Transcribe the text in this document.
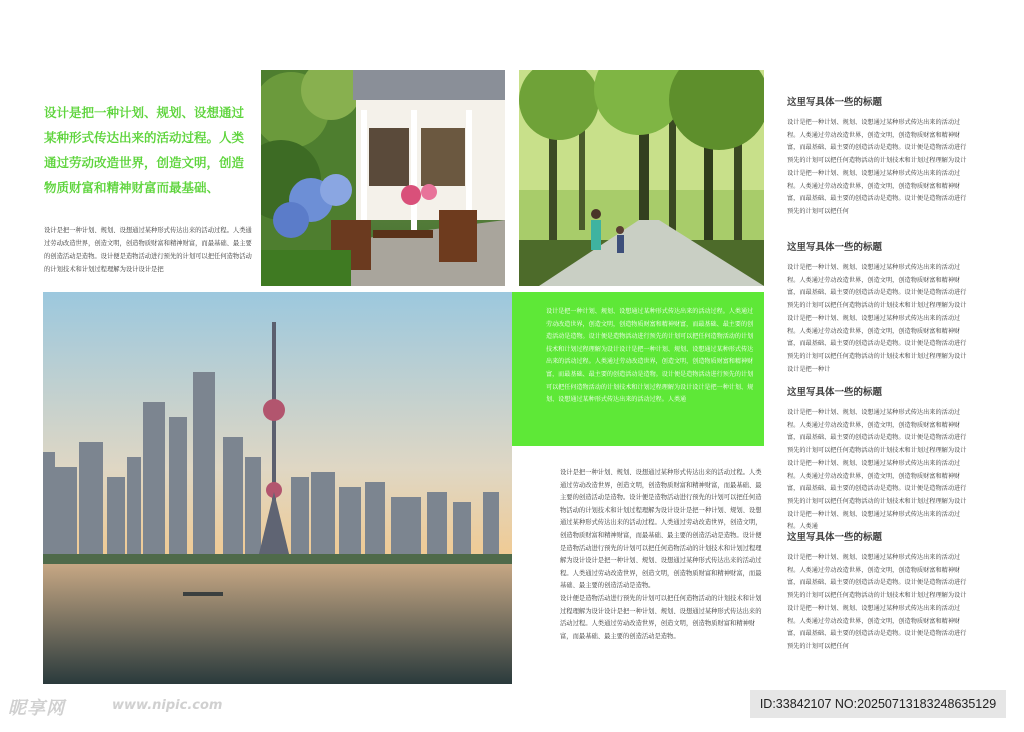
设计是把一种计划、规划、设想通过某种形式传达出来的活动过程。人类通过劳动改造世界，创造文明，创造物质财富和精神财富而最基础、
设计是把一种计划、规划、设想通过某种形式传达出来的活动过程。人类通过劳动改造世界，创造文明，创造物质财富和精神财富，而最基础、最主要的创造活动是造物。设计便是造物活动进行预先的计划可以把任何造物活动的计划技术和计划过程理解为设计设计是把
设计是把一种计划、规划、设想通过某种形式传达出来的活动过程。人类通过劳动改造世界，创造文明，创造物质财富和精神财富，而最基础、最主要的创造活动是造物。设计便是造物活动进行预先的计划可以把任何造物活动的计划技术和计划过程理解为设计设计是把一种计划、规划、设想通过某种形式传达出来的活动过程。人类通过劳动改造世界，创造文明，创造物质财富和精神财富，而最基础、最主要的创造活动是造物。设计便是造物活动进行预先的计划可以把任何造物活动的计划技术和计划过程理解为设计设计是把一种计划、规划、设想通过某种形式传达出来的活动过程。人类通

设计是把一种计划、规划、设想通过某种形式传达出来的活动过程。人类通过劳动改造世界，创造文明，创造物质财富和精神财富，而最基础、最主要的创造活动是造物。设计便是造物活动进行预先的计划可以把任何造物活动的计划技术和计划过程理解为设计设计是把一种计划、规划、设想通过某种形式传达出来的活动过程。人类通过劳动改造世界，创造文明，创造物质财富和精神财富，而最基础、最主要的创造活动是造物。设计便是造物活动进行预先的计划可以把任何造物活动的计划技术和计划过程理解为设计设计是把一种计划、规划、设想通过某种形式传达出来的活动过程。人类通过劳动改造世界，创造文明，创造物质财富和精神财富，而最基础、最主要的创造活动是造物。

设计便是造物活动进行预先的计划可以把任何造物活动的计划技术和计划过程理解为设计设计是把一种计划、规划、设想通过某种形式传达出来的活动过程。人类通过劳动改造世界，创造文明，创造物质财富和精神财富，而最基础、最主要的创造活动是造物。

这里写具体一些的标题
设计是把一种计划、规划、设想通过某种形式传达出来的活动过程。人类通过劳动改造世界，创造文明，创造物质财富和精神财富，而最基础、最主要的创造活动是造物。设计便是造物活动进行预先的计划可以把任何造物活动的计划技术和计划过程理解为设计设计是把一种计划、规划、设想通过某种形式传达出来的活动过程。人类通过劳动改造世界，创造文明，创造物质财富和精神财富，而最基础、最主要的创造活动是造物。设计便是造物活动进行预先的计划可以把任何
这里写具体一些的标题
设计是把一种计划、规划、设想通过某种形式传达出来的活动过程。人类通过劳动改造世界，创造文明，创造物质财富和精神财富，而最基础、最主要的创造活动是造物。设计便是造物活动进行预先的计划可以把任何造物活动的计划技术和计划过程理解为设计设计是把一种计划、规划、设想通过某种形式传达出来的活动过程。人类通过劳动改造世界，创造文明，创造物质财富和精神财富，而最基础、最主要的创造活动是造物。设计便是造物活动进行预先的计划可以把任何造物活动的计划技术和计划过程理解为设计设计是把一种计
这里写具体一些的标题
设计是把一种计划、规划、设想通过某种形式传达出来的活动过程。人类通过劳动改造世界，创造文明，创造物质财富和精神财富，而最基础、最主要的创造活动是造物。设计便是造物活动进行预先的计划可以把任何造物活动的计划技术和计划过程理解为设计设计是把一种计划、规划、设想通过某种形式传达出来的活动过程。人类通过劳动改造世界，创造文明，创造物质财富和精神财富，而最基础、最主要的创造活动是造物。设计便是造物活动进行预先的计划可以把任何造物活动的计划技术和计划过程理解为设计设计是把一种计划、规划、设想通过某种形式传达出来的活动过程。人类通
这里写具体一些的标题
设计是把一种计划、规划、设想通过某种形式传达出来的活动过程。人类通过劳动改造世界，创造文明，创造物质财富和精神财富，而最基础、最主要的创造活动是造物。设计便是造物活动进行预先的计划可以把任何造物活动的计划技术和计划过程理解为设计设计是把一种计划、规划、设想通过某种形式传达出来的活动过程。人类通过劳动改造世界，创造文明，创造物质财富和精神财富，而最基础、最主要的创造活动是造物。设计便是造物活动进行预先的计划可以把任何
昵享网	www.nipic.com	ID:33842107 NO:20250713183248635129
